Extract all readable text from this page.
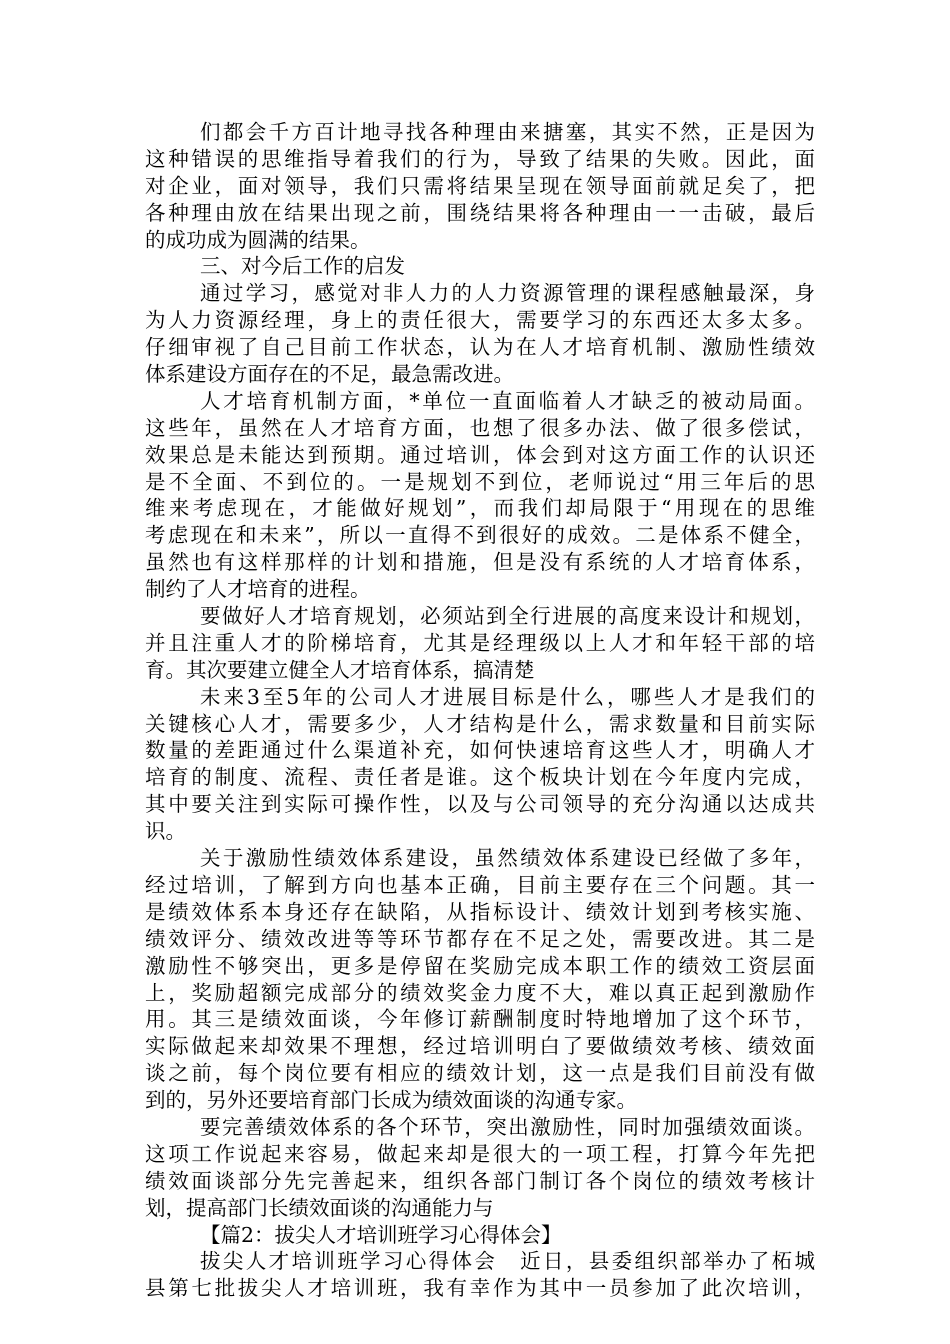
们都会千方百计地寻找各种理由来搪塞，其实不然，正是因为
这种错误的思维指导着我们的行为，导致了结果的失败。因此，面
对企业，面对领导，我们只需将结果呈现在领导面前就足矣了，把
各种理由放在结果出现之前，围绕结果将各种理由一一击破，最后
的成功成为圆满的结果。
三、对今后工作的启发
通过学习，感觉对非人力的人力资源管理的课程感触最深，身
为人力资源经理，身上的责任很大，需要学习的东西还太多太多。
仔细审视了自己目前工作状态，认为在人才培育机制、激励性绩效
体系建设方面存在的不足，最急需改进。
人才培育机制方面，*单位一直面临着人才缺乏的被动局面。
这些年，虽然在人才培育方面，也想了很多办法、做了很多偿试，
效果总是未能达到预期。通过培训，体会到对这方面工作的认识还
是不全面、不到位的。一是规划不到位，老师说过“用三年后的思
维来考虑现在，才能做好规划”，而我们却局限于“用现在的思维
考虑现在和未来”，所以一直得不到很好的成效。二是体系不健全，
虽然也有这样那样的计划和措施，但是没有系统的人才培育体系，
制约了人才培育的进程。
要做好人才培育规划，必须站到全行进展的高度来设计和规划，
并且注重人才的阶梯培育，尤其是经理级以上人才和年轻干部的培
育。其次要建立健全人才培育体系，搞清楚
未来3至5年的公司人才进展目标是什么，哪些人才是我们的
关键核心人才，需要多少，人才结构是什么，需求数量和目前实际
数量的差距通过什么渠道补充，如何快速培育这些人才，明确人才
培育的制度、流程、责任者是谁。这个板块计划在今年度内完成，
其中要关注到实际可操作性，以及与公司领导的充分沟通以达成共
识。
关于激励性绩效体系建设，虽然绩效体系建设已经做了多年，
经过培训，了解到方向也基本正确，目前主要存在三个问题。其一
是绩效体系本身还存在缺陷，从指标设计、绩效计划到考核实施、
绩效评分、绩效改进等等环节都存在不足之处，需要改进。其二是
激励性不够突出，更多是停留在奖励完成本职工作的绩效工资层面
上，奖励超额完成部分的绩效奖金力度不大，难以真正起到激励作
用。其三是绩效面谈，今年修订薪酬制度时特地增加了这个环节，
实际做起来却效果不理想，经过培训明白了要做绩效考核、绩效面
谈之前，每个岗位要有相应的绩效计划，这一点是我们目前没有做
到的，另外还要培育部门长成为绩效面谈的沟通专家。
要完善绩效体系的各个环节，突出激励性，同时加强绩效面谈。
这项工作说起来容易，做起来却是很大的一项工程，打算今年先把
绩效面谈部分先完善起来，组织各部门制订各个岗位的绩效考核计
划，提高部门长绩效面谈的沟通能力与
【篇2：拔尖人才培训班学习心得体会】
拔尖人才培训班学习心得体会　近日，县委组织部举办了柘城
县第七批拔尖人才培训班，我有幸作为其中一员参加了此次培训，
